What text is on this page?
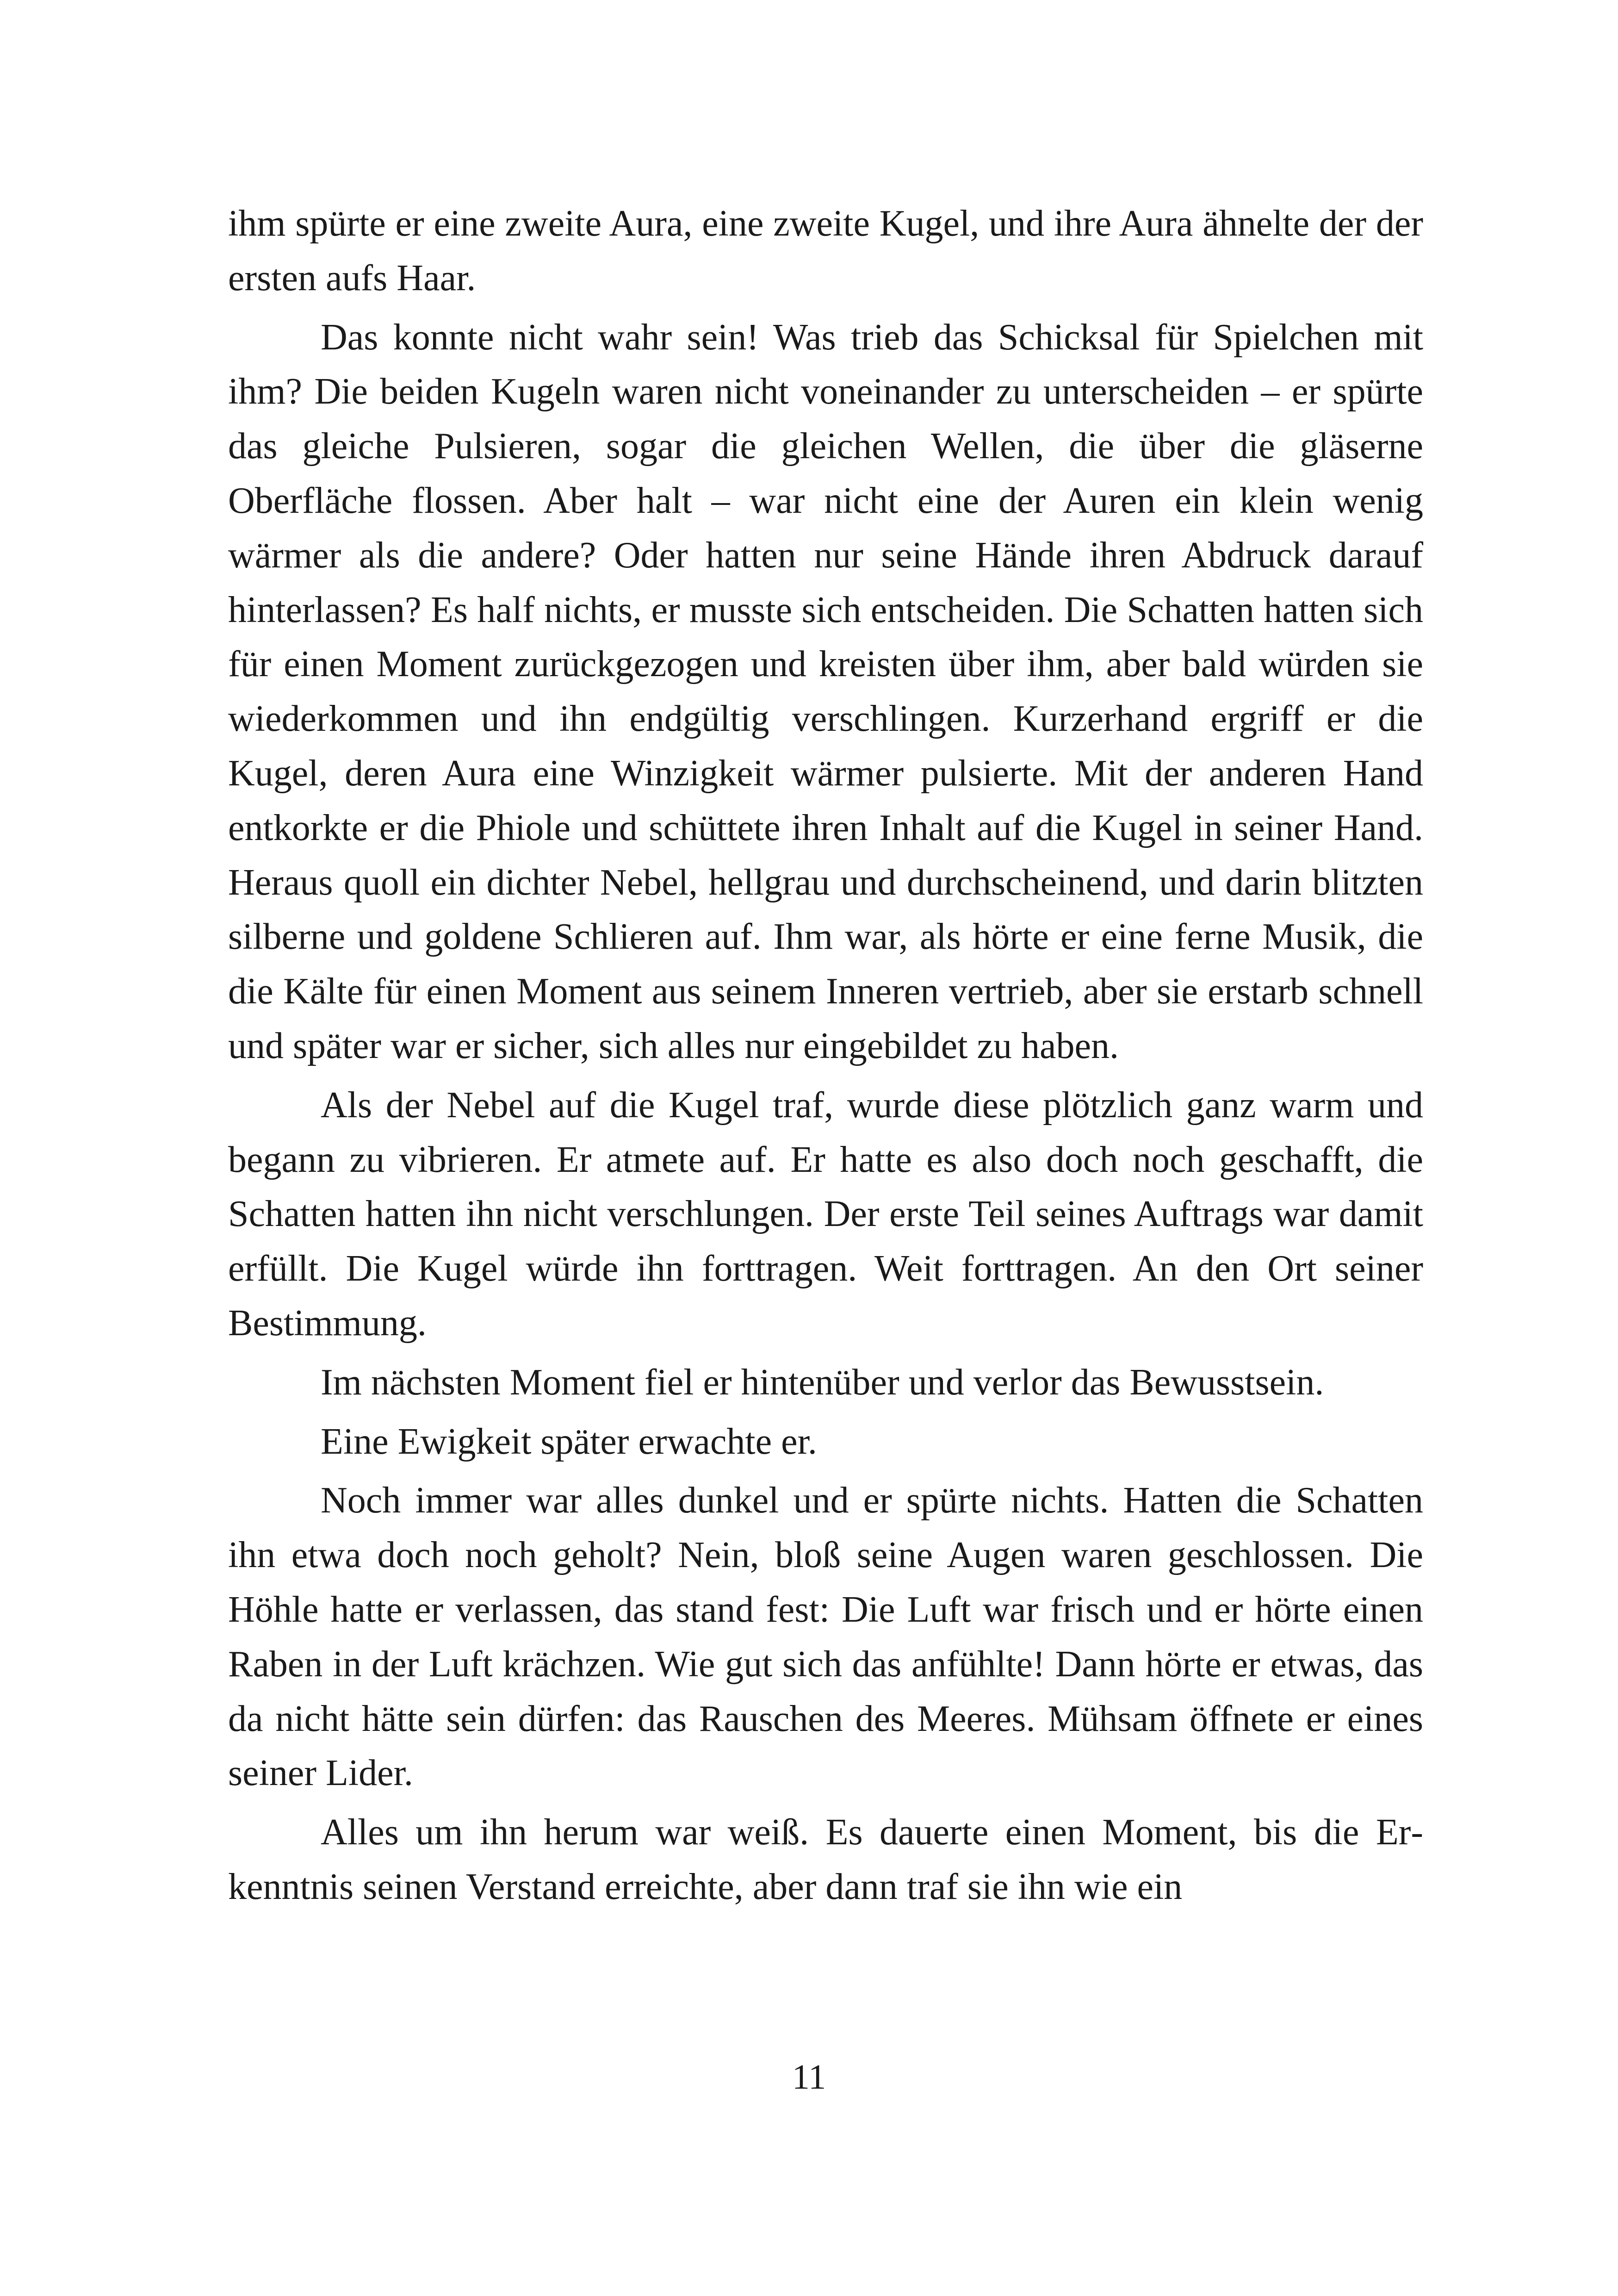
ihm spürte er eine zweite Aura, eine zweite Kugel, und ihre Aura ähnelte der der ersten aufs Haar.

Das konnte nicht wahr sein! Was trieb das Schicksal für Spielchen mit ihm? Die beiden Kugeln waren nicht voneinander zu unterscheiden – er spürte das gleiche Pulsieren, sogar die gleichen Wellen, die über die gläserne Oberfläche flossen. Aber halt – war nicht eine der Auren ein klein wenig wärmer als die andere? Oder hatten nur seine Hände ihren Abdruck darauf hinterlassen? Es half nichts, er musste sich entscheiden. Die Schatten hatten sich für einen Moment zurückgezogen und kreisten über ihm, aber bald würden sie wiederkommen und ihn endgültig verschlingen. Kurzerhand ergriff er die Kugel, deren Aura eine Winzigkeit wärmer pulsierte. Mit der anderen Hand entkorkte er die Phiole und schüttete ihren Inhalt auf die Kugel in seiner Hand. Heraus quoll ein dichter Nebel, hellgrau und durchscheinend, und darin blitzten silberne und goldene Schlieren auf. Ihm war, als hörte er eine ferne Musik, die die Kälte für einen Moment aus seinem Inneren vertrieb, aber sie erstarb schnell und später war er sicher, sich alles nur eingebildet zu haben.

Als der Nebel auf die Kugel traf, wurde diese plötzlich ganz warm und begann zu vibrieren. Er atmete auf. Er hatte es also doch noch geschafft, die Schatten hatten ihn nicht verschlungen. Der erste Teil seines Auftrags war damit erfüllt. Die Kugel würde ihn forttragen. Weit forttragen. An den Ort seiner Bestimmung.

Im nächsten Moment fiel er hintenüber und verlor das Bewusstsein.

Eine Ewigkeit später erwachte er.

Noch immer war alles dunkel und er spürte nichts. Hatten die Schatten ihn etwa doch noch geholt? Nein, bloß seine Augen waren geschlossen. Die Höhle hatte er verlassen, das stand fest: Die Luft war frisch und er hörte einen Raben in der Luft krächzen. Wie gut sich das anfühlte! Dann hörte er etwas, das da nicht hätte sein dürfen: das Rauschen des Meeres. Mühsam öffnete er eines seiner Lider.

Alles um ihn herum war weiß. Es dauerte einen Moment, bis die Erkenntnis seinen Verstand erreichte, aber dann traf sie ihn wie ein

11
